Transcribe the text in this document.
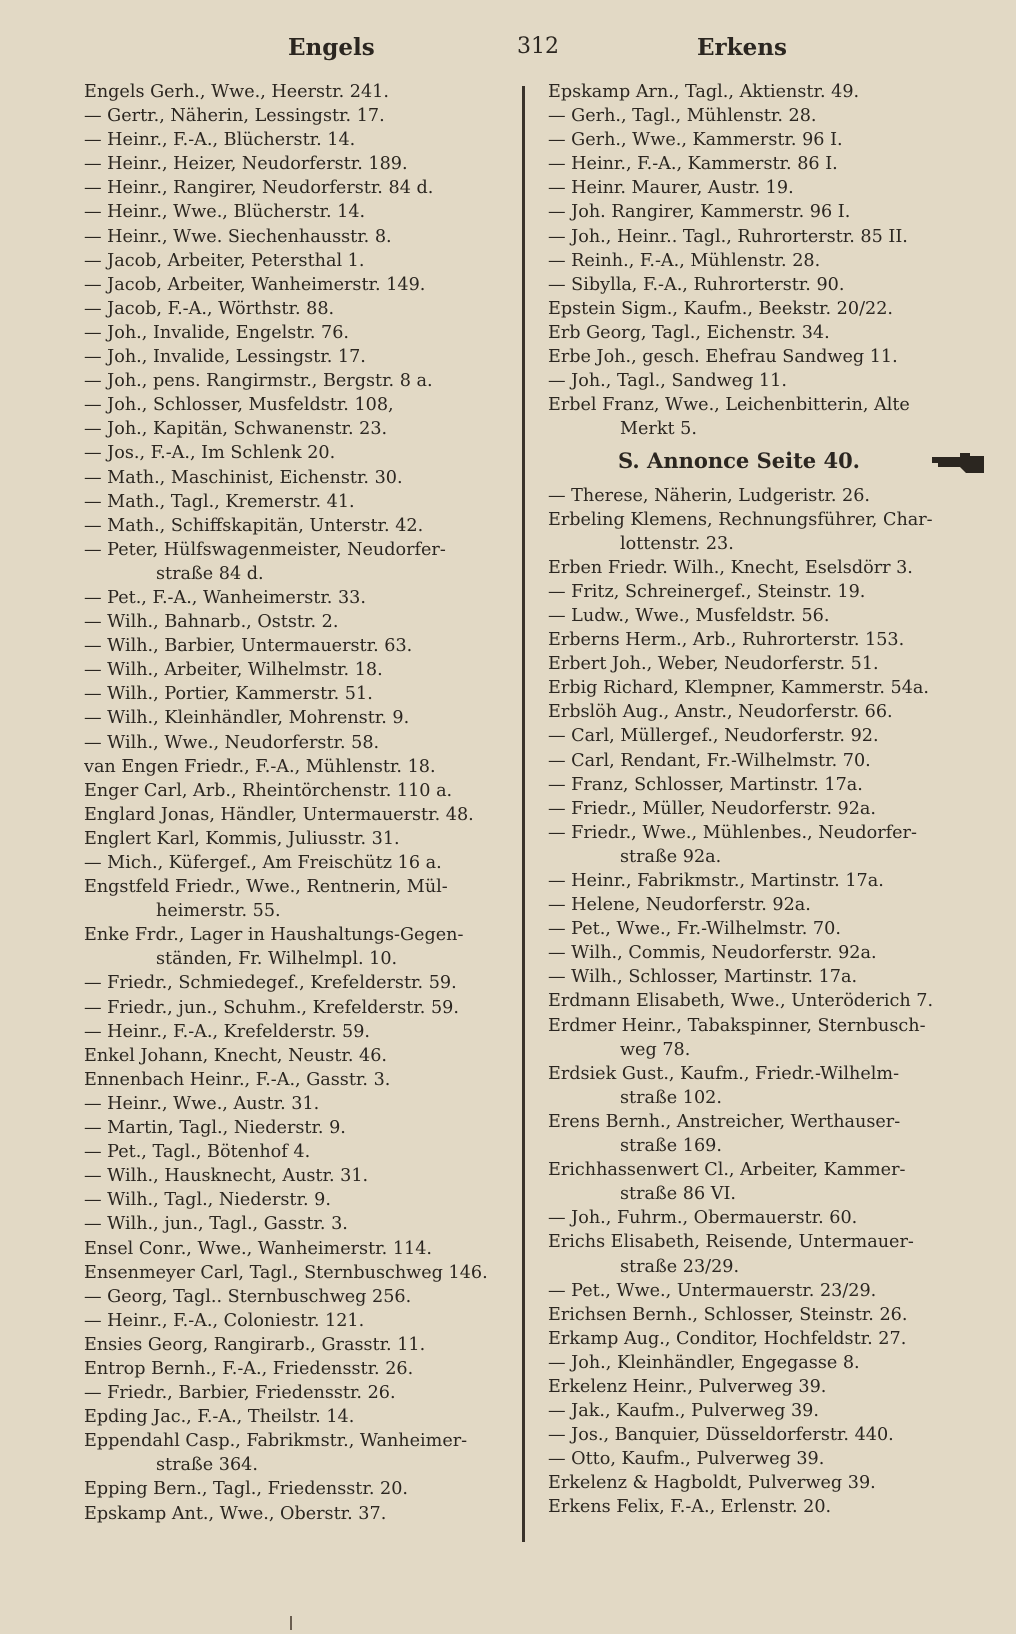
Engels	312	Erkens
Engels Gerh., Wwe., Heerstr. 241.
— Gertr., Näherin, Lessingstr. 17.
— Heinr., F.-A., Blücherstr. 14.
— Heinr., Heizer, Neudorferstr. 189.
— Heinr., Rangirer, Neudorferstr. 84 d.
— Heinr., Wwe., Blücherstr. 14.
— Heinr., Wwe. Siechenhausstr. 8.
— Jacob, Arbeiter, Petersthal 1.
— Jacob, Arbeiter, Wanheimerstr. 149.
— Jacob, F.-A., Wörthstr. 88.
— Joh., Invalide, Engelstr. 76.
— Joh., Invalide, Lessingstr. 17.
— Joh., pens. Rangirmstr., Bergstr. 8 a.
— Joh., Schlosser, Musfeldstr. 108,
— Joh., Kapitän, Schwanenstr. 23.
— Jos., F.-A., Im Schlenk 20.
— Math., Maschinist, Eichenstr. 30.
— Math., Tagl., Kremerstr. 41.
— Math., Schiffskapitän, Unterstr. 42.
— Peter, Hülfswagenmeister, Neudorfer-
straße 84 d.
— Pet., F.-A., Wanheimerstr. 33.
— Wilh., Bahnarb., Oststr. 2.
— Wilh., Barbier, Untermauerstr. 63.
— Wilh., Arbeiter, Wilhelmstr. 18.
— Wilh., Portier, Kammerstr. 51.
— Wilh., Kleinhändler, Mohrenstr. 9.
— Wilh., Wwe., Neudorferstr. 58.
van Engen Friedr., F.-A., Mühlenstr. 18.
Enger Carl, Arb., Rheintörchenstr. 110 a.
Englard Jonas, Händler, Untermauerstr. 48.
Englert Karl, Kommis, Juliusstr. 31.
— Mich., Küfergef., Am Freischütz 16 a.
Engstfeld Friedr., Wwe., Rentnerin, Mül-
heimerstr. 55.
Enke Frdr., Lager in Haushaltungs-Gegen-
ständen, Fr. Wilhelmpl. 10.
— Friedr., Schmiedegef., Krefelderstr. 59.
— Friedr., jun., Schuhm., Krefelderstr. 59.
— Heinr., F.-A., Krefelderstr. 59.
Enkel Johann, Knecht, Neustr. 46.
Ennenbach Heinr., F.-A., Gasstr. 3.
— Heinr., Wwe., Austr. 31.
— Martin, Tagl., Niederstr. 9.
— Pet., Tagl., Bötenhof 4.
— Wilh., Hausknecht, Austr. 31.
— Wilh., Tagl., Niederstr. 9.
— Wilh., jun., Tagl., Gasstr. 3.
Ensel Conr., Wwe., Wanheimerstr. 114.
Ensenmeyer Carl, Tagl., Sternbuschweg 146.
— Georg, Tagl.. Sternbuschweg 256.
— Heinr., F.-A., Coloniestr. 121.
Ensies Georg, Rangirarb., Grasstr. 11.
Entrop Bernh., F.-A., Friedensstr. 26.
— Friedr., Barbier, Friedensstr. 26.
Epding Jac., F.-A., Theilstr. 14.
Eppendahl Casp., Fabrikmstr., Wanheimer-
straße 364.
Epping Bern., Tagl., Friedensstr. 20.
Epskamp Ant., Wwe., Oberstr. 37.
Epskamp Arn., Tagl., Aktienstr. 49.
— Gerh., Tagl., Mühlenstr. 28.
— Gerh., Wwe., Kammerstr. 96 I.
— Heinr., F.-A., Kammerstr. 86 I.
— Heinr. Maurer, Austr. 19.
— Joh. Rangirer, Kammerstr. 96 I.
— Joh., Heinr.. Tagl., Ruhrorterstr. 85 II.
— Reinh., F.-A., Mühlenstr. 28.
— Sibylla, F.-A., Ruhrorterstr. 90.
Epstein Sigm., Kaufm., Beekstr. 20/22.
Erb Georg, Tagl., Eichenstr. 34.
Erbe Joh., gesch. Ehefrau Sandweg 11.
— Joh., Tagl., Sandweg 11.
Erbel Franz, Wwe., Leichenbitterin, Alte
Merkt 5.
S. Annonce Seite 40.
— Therese, Näherin, Ludgeristr. 26.
Erbeling Klemens, Rechnungsführer, Char-
lottenstr. 23.
Erben Friedr. Wilh., Knecht, Eselsdörr 3.
— Fritz, Schreinergef., Steinstr. 19.
— Ludw., Wwe., Musfeldstr. 56.
Erberns Herm., Arb., Ruhrorterstr. 153.
Erbert Joh., Weber, Neudorferstr. 51.
Erbig Richard, Klempner, Kammerstr. 54a.
Erbslöh Aug., Anstr., Neudorferstr. 66.
— Carl, Müllergef., Neudorferstr. 92.
— Carl, Rendant, Fr.-Wilhelmstr. 70.
— Franz, Schlosser, Martinstr. 17a.
— Friedr., Müller, Neudorferstr. 92a.
— Friedr., Wwe., Mühlenbes., Neudorfer-
straße 92a.
— Heinr., Fabrikmstr., Martinstr. 17a.
— Helene, Neudorferstr. 92a.
— Pet., Wwe., Fr.-Wilhelmstr. 70.
— Wilh., Commis, Neudorferstr. 92a.
— Wilh., Schlosser, Martinstr. 17a.
Erdmann Elisabeth, Wwe., Unteröderich 7.
Erdmer Heinr., Tabakspinner, Sternbusch-
weg 78.
Erdsiek Gust., Kaufm., Friedr.-Wilhelm-
straße 102.
Erens Bernh., Anstreicher, Werthauser-
straße 169.
Erichhassenwert Cl., Arbeiter, Kammer-
straße 86 VI.
— Joh., Fuhrm., Obermauerstr. 60.
Erichs Elisabeth, Reisende, Untermauer-
straße 23/29.
— Pet., Wwe., Untermauerstr. 23/29.
Erichsen Bernh., Schlosser, Steinstr. 26.
Erkamp Aug., Conditor, Hochfeldstr. 27.
— Joh., Kleinhändler, Engegasse 8.
Erkelenz Heinr., Pulverweg 39.
— Jak., Kaufm., Pulverweg 39.
— Jos., Banquier, Düsseldorferstr. 440.
— Otto, Kaufm., Pulverweg 39.
Erkelenz & Hagboldt, Pulverweg 39.
Erkens Felix, F.-A., Erlenstr. 20.
